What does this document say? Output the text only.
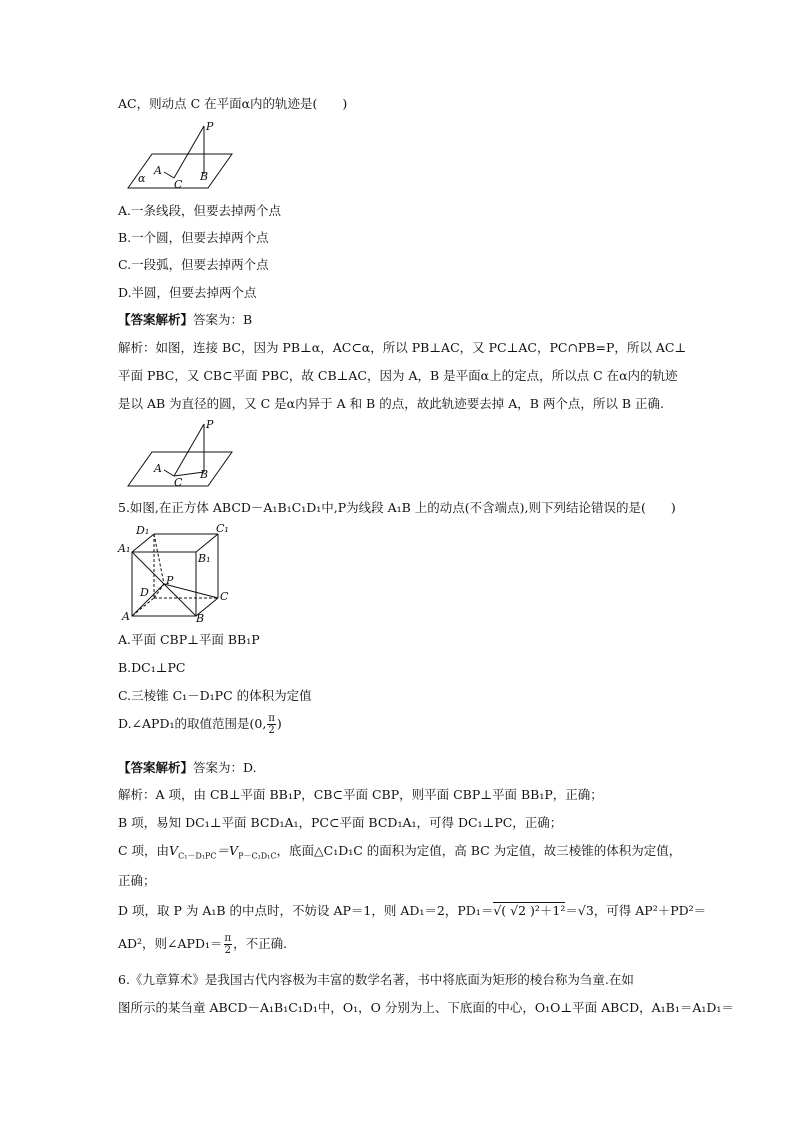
AC，则动点 C 在平面α内的轨迹是(　　)
P
A	B
C
α
A.一条线段，但要去掉两个点
B.一个圆，但要去掉两个点
C.一段弧，但要去掉两个点
D.半圆，但要去掉两个点
【答案解析】答案为：B
解析：如图，连接 BC，因为 PB⊥α，AC⊂α，所以 PB⊥AC，又 PC⊥AC，PC∩PB=P，所以 AC⊥
平面 PBC，又 CB⊂平面 PBC，故 CB⊥AC，因为 A，B 是平面α上的定点，所以点 C 在α内的轨迹
是以 AB 为直径的圆，又 C 是α内异于 A 和 B 的点，故此轨迹要去掉 A，B 两个点，所以 B 正确.
P
A	B
C
5.如图,在正方体 ABCD－A₁B₁C₁D₁中,P为线段 A₁B 上的动点(不含端点),则下列结论错误的是(　　)
A₁
D₁	C₁
B₁
P
D	C
A	B
A.平面 CBP⊥平面 BB₁P
B.DC₁⊥PC
C.三棱锥 C₁－D₁PC 的体积为定值
D.∠APD₁的取值范围是(0, $\frac{\pi}{2}$ )
【答案解析】答案为：D.
解析：A 项，由 CB⊥平面 BB₁P，CB⊂平面 CBP，则平面 CBP⊥平面 BB₁P，正确；
B 项，易知 DC₁⊥平面 BCD₁A₁，PC⊂平面 BCD₁A₁，可得 DC₁⊥PC，正确；
C 项，由$V_{C_1-D_1PC}=V_{P-C_1D_1C}$，底面△C₁D₁C 的面积为定值，高 BC 为定值，故三棱锥的体积为定值，
正确；
D 项，取 P 为 A₁B 的中点时，不妨设 AP＝1，则 AD₁＝2，PD₁＝√( √2 )²＋1²＝√3，可得 AP²＋PD²＝
AD²，则∠APD₁＝ $\frac{\pi}{2}$ ，不正确.
6.《九章算术》是我国古代内容极为丰富的数学名著，书中将底面为矩形的棱台称为刍童.在如
图所示的某刍童 ABCD－A₁B₁C₁D₁中，O₁，O 分别为上、下底面的中心，O₁O⊥平面 ABCD，A₁B₁＝A₁D₁＝
